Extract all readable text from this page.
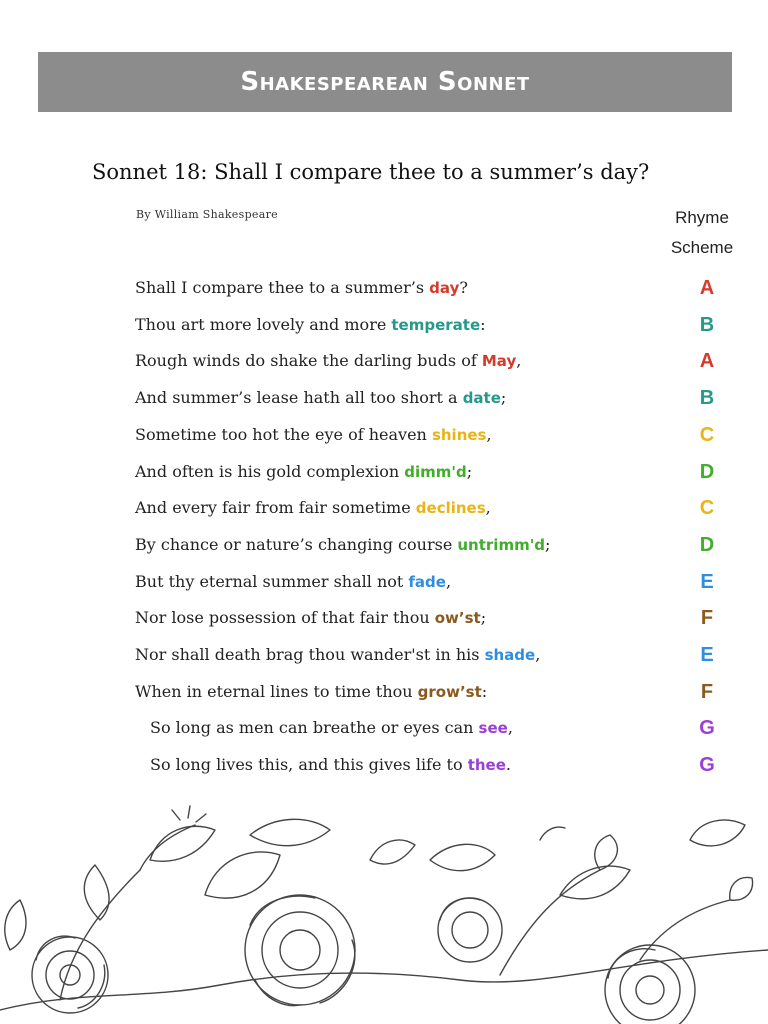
Shakespearean Sonnet
Sonnet 18: Shall I compare thee to a summer’s day?
By William Shakespeare	Rhyme
Scheme
Shall I compare thee to a summer’s day?	A
Thou art more lovely and more temperate:	B
Rough winds do shake the darling buds of May,	A
And summer’s lease hath all too short a date;	B
Sometime too hot the eye of heaven shines,	C
And often is his gold complexion dimm'd;	D
And every fair from fair sometime declines,	C
By chance or nature’s changing course untrimm'd;	D
But thy eternal summer shall not fade,	E
Nor lose possession of that fair thou ow’st;	F
Nor shall death brag thou wander'st in his shade,	E
When in eternal lines to time thou grow’st:	F
So long as men can breathe or eyes can see,	G
So long lives this, and this gives life to thee.	G
